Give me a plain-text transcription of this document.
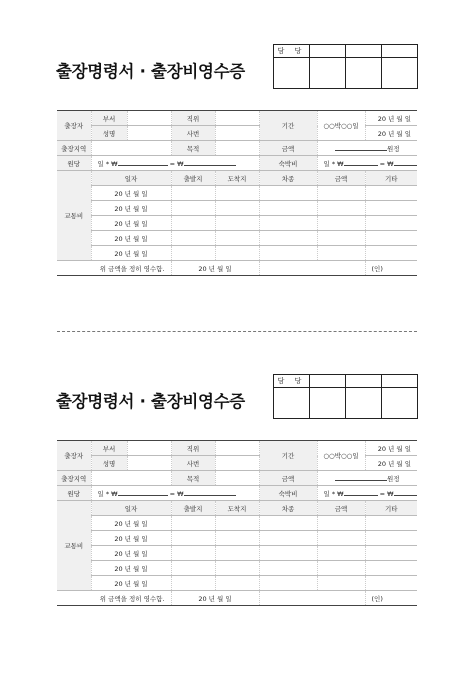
출장명령서 · 출장비영수증
담 당			

출장자	부서		직위		기간	○○박○○일	20 년 월 일
	성명		사번				20 년 월 일
출장지역			목적		금액	원정	
원당	일 * ₩ = ₩				숙박비	일 * ₩ = ₩	
교통비	일자		출발지	도착지	차종	금액	기타
	20 년 월 일						
	20 년 월 일						
	20 년 월 일						
	20 년 월 일						
	20 년 월 일						
위 금액을 정히 영수함.			20 년 월 일				(인)
출장명령서 · 출장비영수증
담 당			

출장자	부서		직위		기간	○○박○○일	20 년 월 일
	성명		사번				20 년 월 일
출장지역			목적		금액	원정	
원당	일 * ₩ = ₩				숙박비	일 * ₩ = ₩	
교통비	일자		출발지	도착지	차종	금액	기타
	20 년 월 일						
	20 년 월 일						
	20 년 월 일						
	20 년 월 일						
	20 년 월 일						
위 금액을 정히 영수함.			20 년 월 일				(인)
